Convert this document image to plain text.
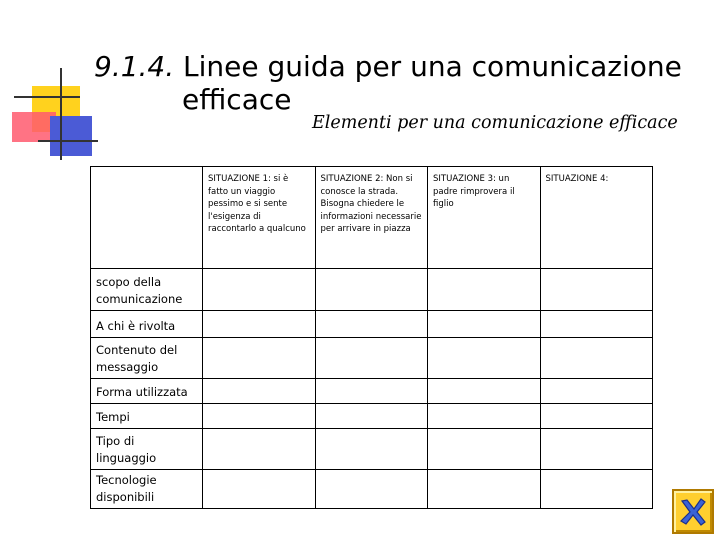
9.1.4. Linee guida per una comunicazione
efficace
Elementi per una comunicazione efficace
	SITUAZIONE 1: si è fatto un viaggio pessimo e si sente l'esigenza di raccontarlo a qualcuno	SITUAZIONE 2: Non si conosce la strada. Bisogna chiedere le informazioni necessarie per arrivare in piazza	SITUAZIONE 3: un padre rimprovera il figlio	SITUAZIONE 4:
scopo della comunicazione				
A chi è rivolta				
Contenuto del messaggio				
Forma utilizzata				
Tempi				
Tipo di linguaggio				
Tecnologie disponibili				
